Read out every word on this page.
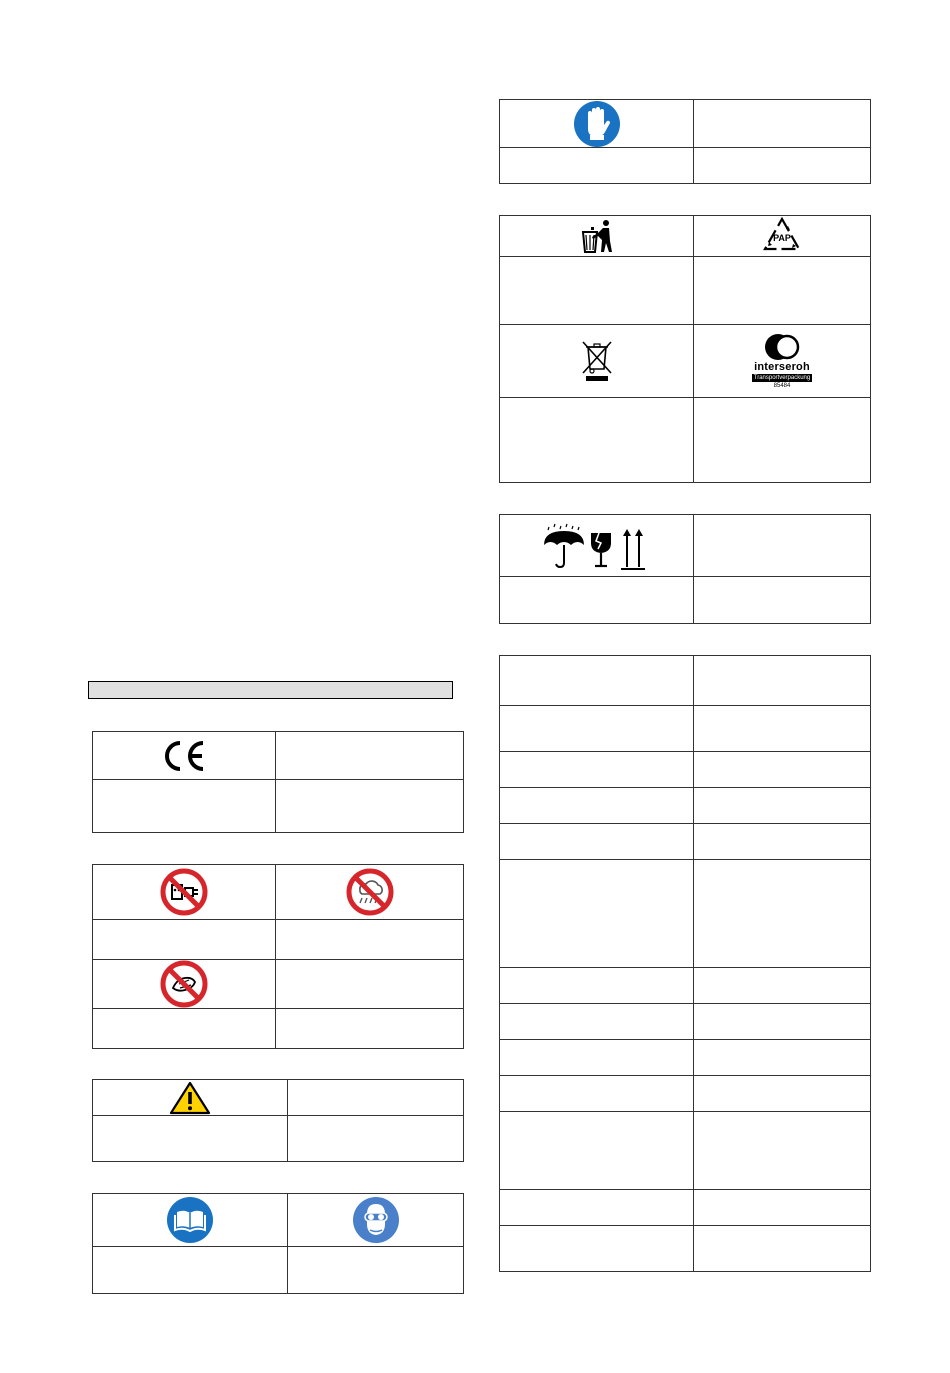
PAP
interseroh
Transportverpackung
85484
